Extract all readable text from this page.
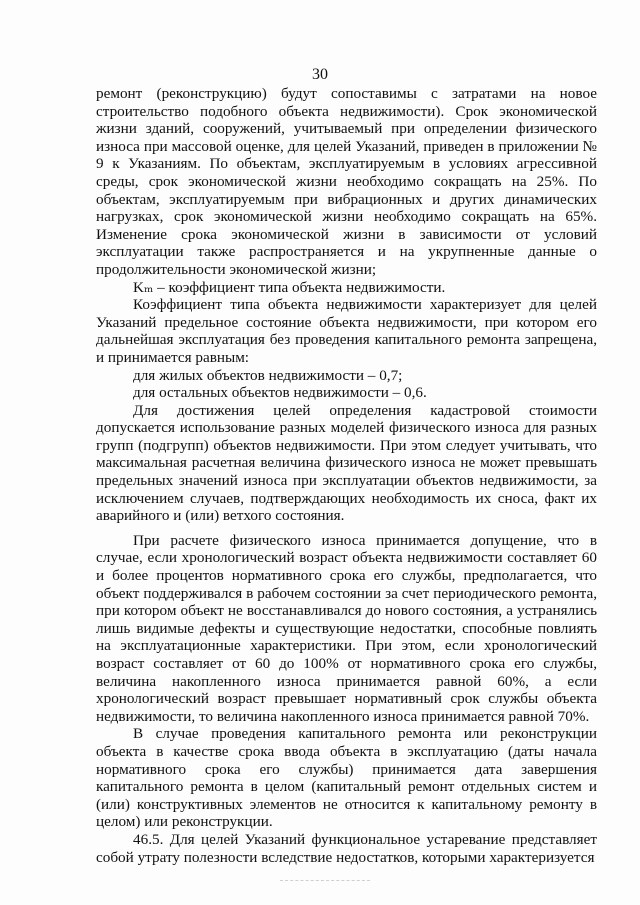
30

ремонт (реконструкцию) будут сопоставимы с затратами на новое строительство подобного объекта недвижимости). Срок экономической жизни зданий, сооружений, учитываемый при определении физического износа при массовой оценке, для целей Указаний, приведен в приложении № 9 к Указаниям. По объектам, эксплуатируемым в условиях агрессивной среды, срок экономической жизни необходимо сокращать на 25%. По объектам, эксплуатируемым при вибрационных и других динамических нагрузках, срок экономической жизни необходимо сокращать на 65%. Изменение срока экономической жизни в зависимости от условий эксплуатации также распространяется и на укрупненные данные о продолжительности экономической жизни;

Kₘ – коэффициент типа объекта недвижимости.

Коэффициент типа объекта недвижимости характеризует для целей Указаний предельное состояние объекта недвижимости, при котором его дальнейшая эксплуатация без проведения капитального ремонта запрещена, и принимается равным:

для жилых объектов недвижимости – 0,7;

для остальных объектов недвижимости – 0,6.

Для достижения целей определения кадастровой стоимости допускается использование разных моделей физического износа для разных групп (подгрупп) объектов недвижимости. При этом следует учитывать, что максимальная расчетная величина физического износа не может превышать предельных значений износа при эксплуатации объектов недвижимости, за исключением случаев, подтверждающих необходимость их сноса, факт их аварийного и (или) ветхого состояния.

При расчете физического износа принимается допущение, что в случае, если хронологический возраст объекта недвижимости составляет 60 и более процентов нормативного срока его службы, предполагается, что объект поддерживался в рабочем состоянии за счет периодического ремонта, при котором объект не восстанавливался до нового состояния, а устранялись лишь видимые дефекты и существующие недостатки, способные повлиять на эксплуатационные характеристики. При этом, если хронологический возраст составляет от 60 до 100% от нормативного срока его службы, величина накопленного износа принимается равной 60%, а если хронологический возраст превышает нормативный срок службы объекта недвижимости, то величина накопленного износа принимается равной 70%.

В случае проведения капитального ремонта или реконструкции объекта в качестве срока ввода объекта в эксплуатацию (даты начала нормативного срока его службы) принимается дата завершения капитального ремонта в целом (капитальный ремонт отдельных систем и (или) конструктивных элементов не относится к капитальному ремонту в целом) или реконструкции.

46.5. Для целей Указаний функциональное устаревание представляет собой утрату полезности вследствие недостатков, которыми характеризуется
